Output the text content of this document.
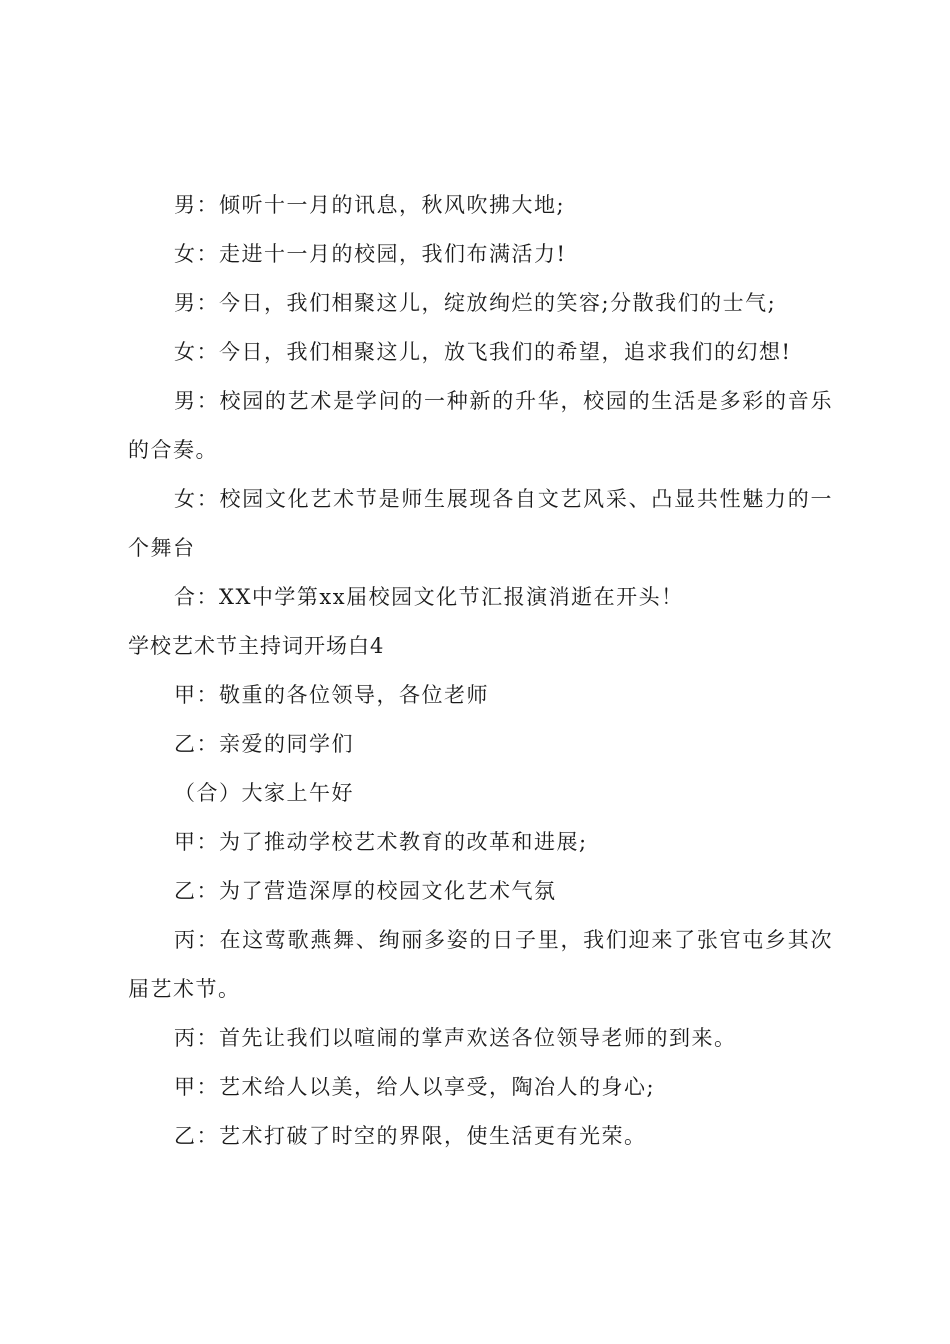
男：倾听十一月的讯息，秋风吹拂大地;

女：走进十一月的校园，我们布满活力!

男：今日，我们相聚这儿，绽放绚烂的笑容;分散我们的士气;

女：今日，我们相聚这儿，放飞我们的希望，追求我们的幻想!

男：校园的艺术是学问的一种新的升华，校园的生活是多彩的音乐的合奏。

女：校园文化艺术节是师生展现各自文艺风采、凸显共性魅力的一个舞台

合：XX中学第xx届校园文化节汇报演消逝在开头！

学校艺术节主持词开场白4

甲：敬重的各位领导，各位老师

乙：亲爱的同学们

（合）大家上午好

甲：为了推动学校艺术教育的改革和进展;

乙：为了营造深厚的校园文化艺术气氛

丙：在这莺歌燕舞、绚丽多姿的日子里，我们迎来了张官屯乡其次届艺术节。

丙：首先让我们以喧闹的掌声欢送各位领导老师的到来。

甲：艺术给人以美，给人以享受，陶冶人的身心;

乙：艺术打破了时空的界限，使生活更有光荣。
